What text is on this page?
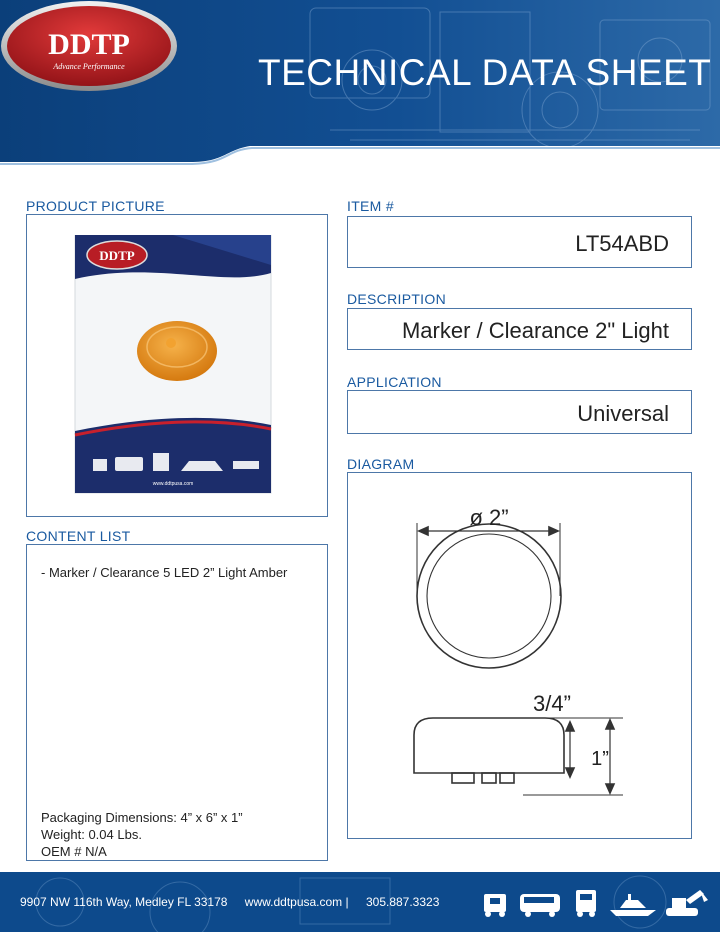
DDTP
Advance Performance	TECHNICAL DATA SHEET
PRODUCT PICTURE
DDTP
www.ddtpusa.com
CONTENT LIST
- Marker / Clearance 5 LED 2” Light Amber
Packaging Dimensions: 4” x 6” x 1”
Weight: 0.04 Lbs.
OEM # N/A
ITEM #
LT54ABD
DESCRIPTION
Marker / Clearance 2" Light
APPLICATION
Universal
DIAGRAM
ø 2”
3/4”
1”
9907 NW 116th Way, Medley FL 33178 www.ddtpusa.com | 305.887.3323
